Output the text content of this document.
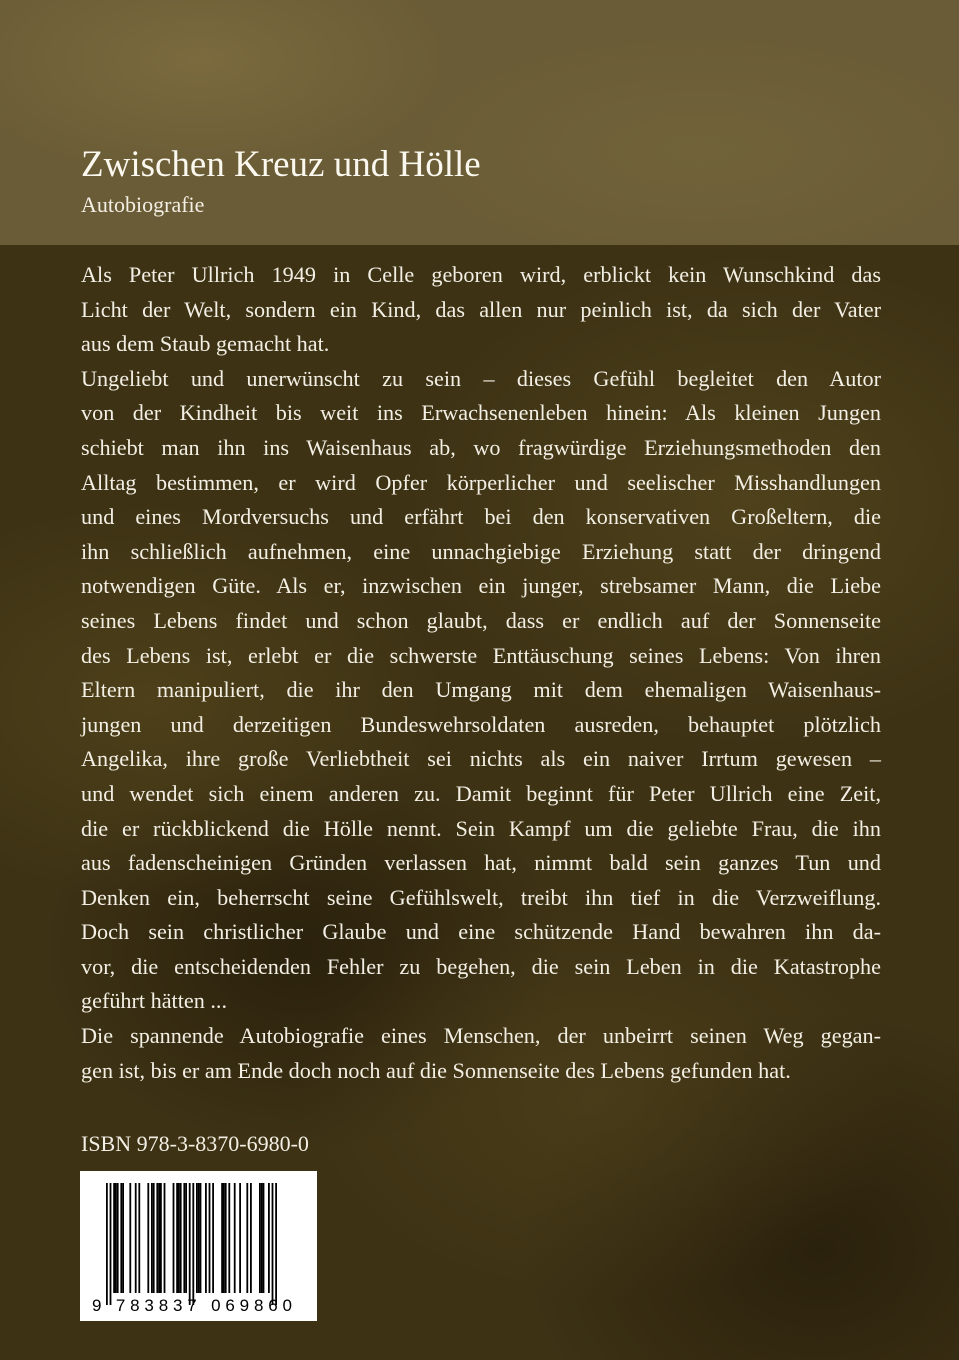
Zwischen Kreuz und Hölle
Autobiografie
Als Peter Ullrich 1949 in Celle geboren wird, erblickt kein Wunschkind das
Licht der Welt, sondern ein Kind, das allen nur peinlich ist, da sich der Vater
aus dem Staub gemacht hat.
Ungeliebt und unerwünscht zu sein – dieses Gefühl begleitet den Autor
von der Kindheit bis weit ins Erwachsenenleben hinein: Als kleinen Jungen
schiebt man ihn ins Waisenhaus ab, wo fragwürdige Erziehungsmethoden den
Alltag bestimmen, er wird Opfer körperlicher und seelischer Misshandlungen
und eines Mordversuchs und erfährt bei den konservativen Großeltern, die
ihn schließlich aufnehmen, eine unnachgiebige Erziehung statt der dringend
notwendigen Güte. Als er, inzwischen ein junger, strebsamer Mann, die Liebe
seines Lebens findet und schon glaubt, dass er endlich auf der Sonnenseite
des Lebens ist, erlebt er die schwerste Enttäuschung seines Lebens: Von ihren
Eltern manipuliert, die ihr den Umgang mit dem ehemaligen Waisenhaus-
jungen und derzeitigen Bundeswehrsoldaten ausreden, behauptet plötzlich
Angelika, ihre große Verliebtheit sei nichts als ein naiver Irrtum gewesen –
und wendet sich einem anderen zu. Damit beginnt für Peter Ullrich eine Zeit,
die er rückblickend die Hölle nennt. Sein Kampf um die geliebte Frau, die ihn
aus fadenscheinigen Gründen verlassen hat, nimmt bald sein ganzes Tun und
Denken ein, beherrscht seine Gefühlswelt, treibt ihn tief in die Verzweiflung.
Doch sein christlicher Glaube und eine schützende Hand bewahren ihn da-
vor, die entscheidenden Fehler zu begehen, die sein Leben in die Katastrophe
geführt hätten ...
Die spannende Autobiografie eines Menschen, der unbeirrt seinen Weg gegan-
gen ist, bis er am Ende doch noch auf die Sonnenseite des Lebens gefunden hat.
ISBN 978-3-8370-6980-0
9 783837 069860
